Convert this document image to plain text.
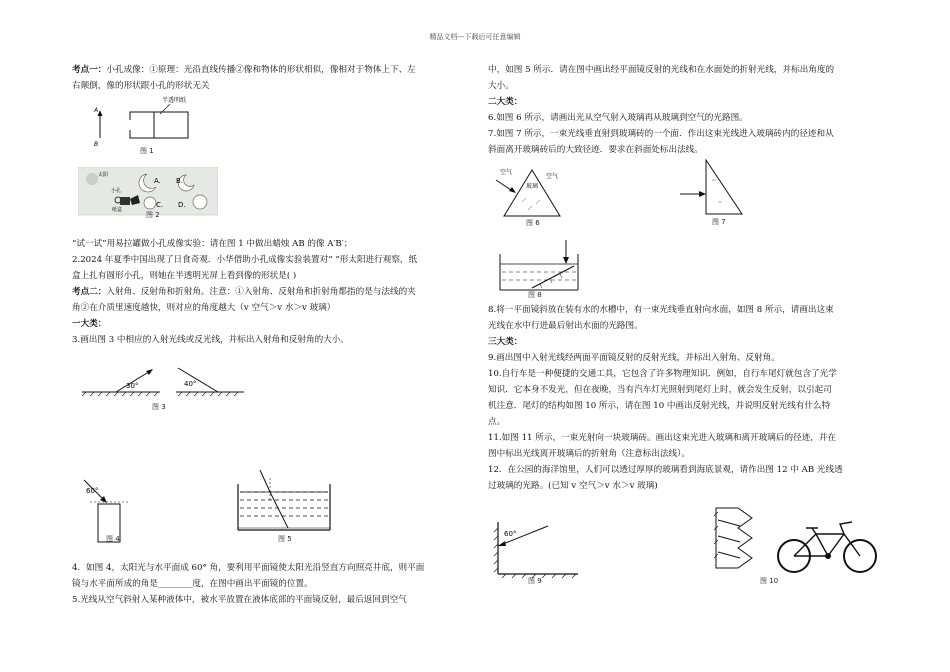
精品文档---下载后可任意编辑

考点一：小孔成像：①原理：光沿直线传播②像和物体的形状相似，像相对于物体上下、左

右颠倒，像的形状跟小孔的形状无关

半透明纸
A
B
图 1
太阳
小孔
纸盒
A. B.
C. D.
图 2

“试一试”用易拉罐做小孔成像实验：请在图 1 中做出蜡烛 AB 的像 A′B′；

2.2024 年夏季中国出现了日食奇观．小华借助小孔成像实验装置对“ ”形太阳进行观察，纸

盒上扎有圆形小孔，则她在半透明光屏上看到像的形状是( )

考点二：入射角、反射角和折射角。注意：①入射角、反射角和折射角都指的是与法线的夹

角②在介质里速度越快，则对应的角度越大（v 空气＞v 水＞v 玻璃）

一大类：

3.画出图 3 中相应的入射光线或反光线，并标出入射角和反射角的大小。

30°	40°
图 3
60°
图 4	图 5

4．如图 4，太阳光与水平面成 60° 角，要利用平面镜使太阳光沿竖直方向照亮井底，则平面

镜与水平面所成的角是________度，在图中画出平面镜的位置。

5.光线从空气斜射入某种液体中，被水平放置在液体底部的平面镜反射，最后返回到空气

中，如图 5 所示．请在图中画出经平面镜反射的光线和在水面处的折射光线，并标出角度的

大小。

二大类：

6.如图 6 所示，请画出光从空气射入玻璃再从玻璃到空气的光路图。

7.如图 7 所示，一束光线垂直射到玻璃砖的一个面．作出这束光线进入玻璃砖内的径迹和从

斜面离开玻璃砖后的大致径迹．要求在斜面处标出法线。

空气
空气
玻璃
图 6	图 7
图 8

8.将一平面镜斜放在装有水的水槽中，有一束光线垂直射向水面，如图 8 所示，请画出这束

光线在水中行进最后射出水面的光路图。

三大类：

9.画出图中入射光线经两面平面镜反射的反射光线，并标出入射角、反射角。

10.自行车是一种便捷的交通工具，它包含了许多物理知识．例如，自行车尾灯就包含了光学

知识．它本身不发光，但在夜晚，当有汽车灯光照射到尾灯上时，就会发生反射，以引起司

机注意．尾灯的结构如图 10 所示，请在图 10 中画出反射光线，并说明反射光线有什么特

点。

11.如图 11 所示，一束光射向一块玻璃砖。画出这束光进入玻璃和离开玻璃后的径迹，并在

图中标出光线离开玻璃后的折射角（注意标出法线）。

12．在公园的海洋馆里，人们可以透过厚厚的玻璃看到海底景观，请作出图 12 中 AB 光线透

过玻璃的光路。(已知 v 空气＞v 水＞v 玻璃)

60°
图 9	图 10
